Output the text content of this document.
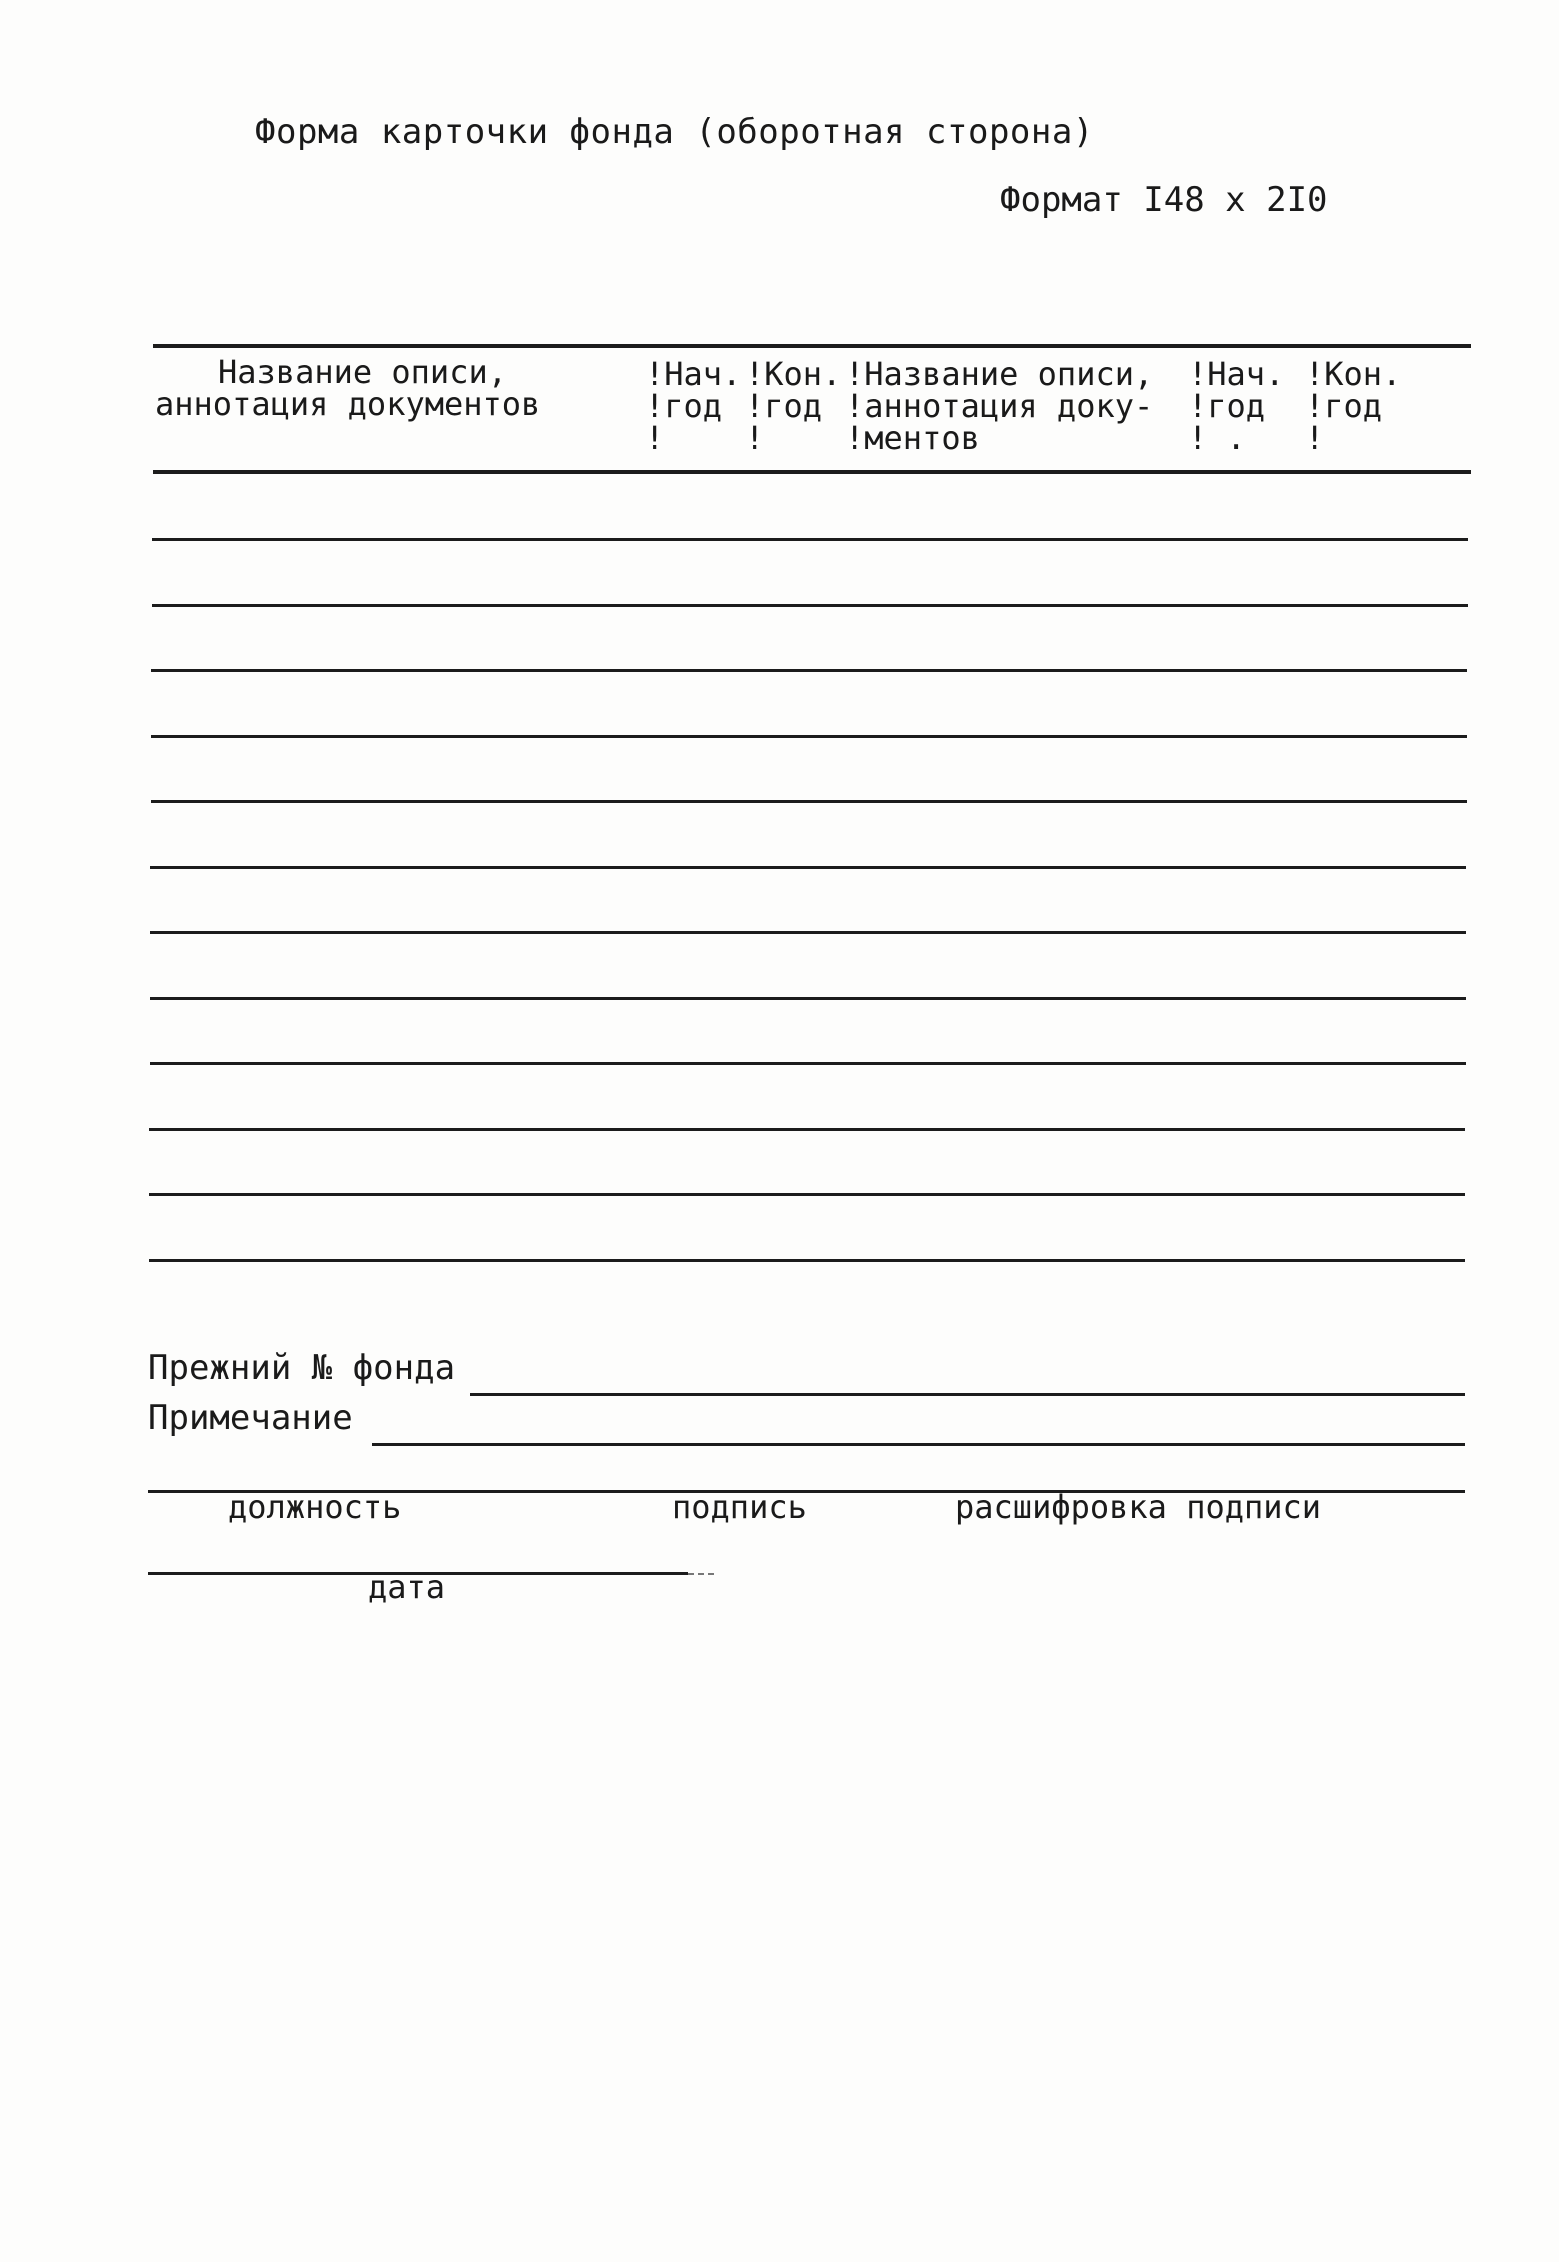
Форма карточки фонда (оборотная сторона)
Формат I48 x 2I0
Название описи,
аннотация документов
!Нач.
!год
!
!Кон.
!год
!
!Название описи,
!аннотация доку-
!ментов
!Нач.
!год
! .
!Кон.
!год
!
Прежний № фонда
Примечание
должность	подпись	расшифровка подписи
дата
